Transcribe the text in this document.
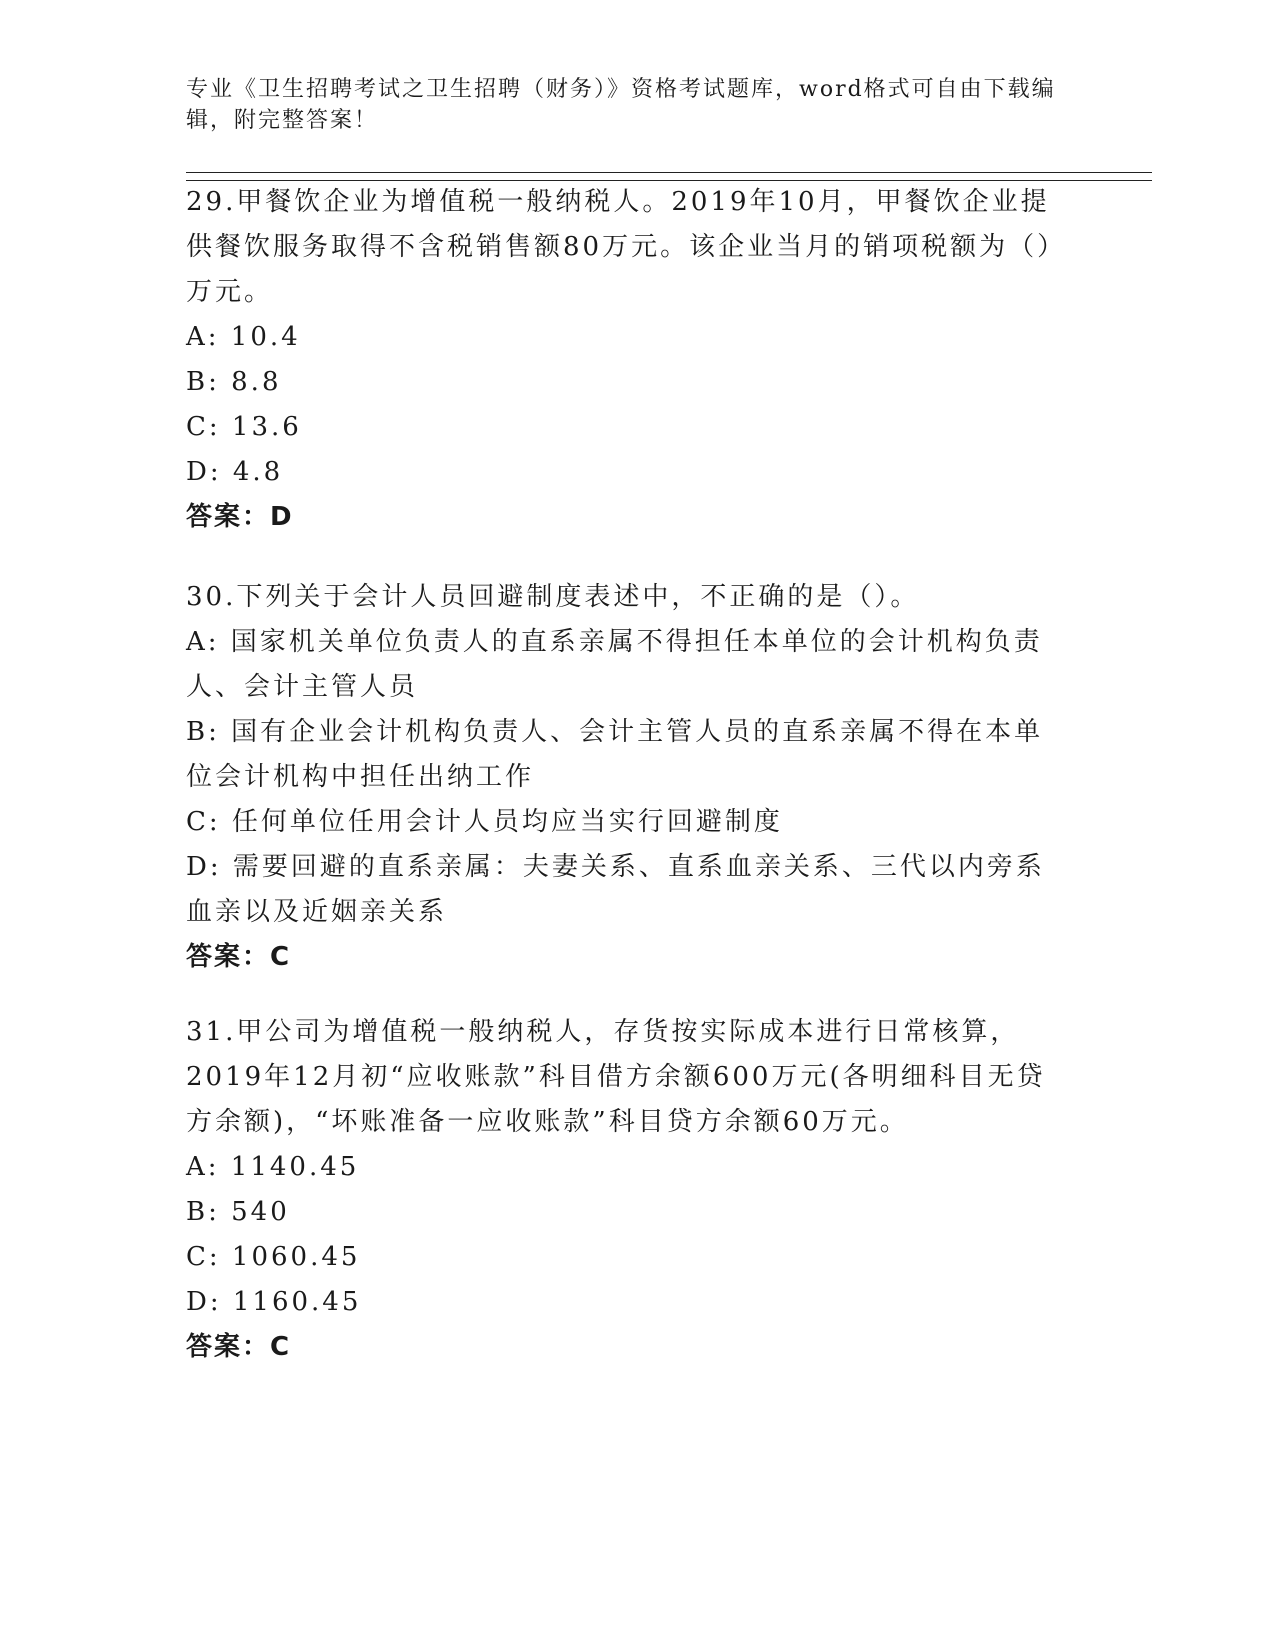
专业《卫生招聘考试之卫生招聘（财务）》资格考试题库，word格式可自由下载编辑，附完整答案！

29.甲餐饮企业为增值税一般纳税人。2019年10月，甲餐饮企业提供餐饮服务取得不含税销售额80万元。该企业当月的销项税额为（）万元。

A: 10.4

B: 8.8

C: 13.6

D: 4.8

答案：D

30.下列关于会计人员回避制度表述中，不正确的是（）。

A: 国家机关单位负责人的直系亲属不得担任本单位的会计机构负责人、会计主管人员

B: 国有企业会计机构负责人、会计主管人员的直系亲属不得在本单位会计机构中担任出纳工作

C: 任何单位任用会计人员均应当实行回避制度

D: 需要回避的直系亲属：夫妻关系、直系血亲关系、三代以内旁系血亲以及近姻亲关系

答案：C

31.甲公司为增值税一般纳税人，存货按实际成本进行日常核算，2019年12月初“应收账款”科目借方余额600万元(各明细科目无贷方余额)，“坏账准备一应收账款”科目贷方余额60万元。

A: 1140.45

B: 540

C: 1060.45

D: 1160.45

答案：C
